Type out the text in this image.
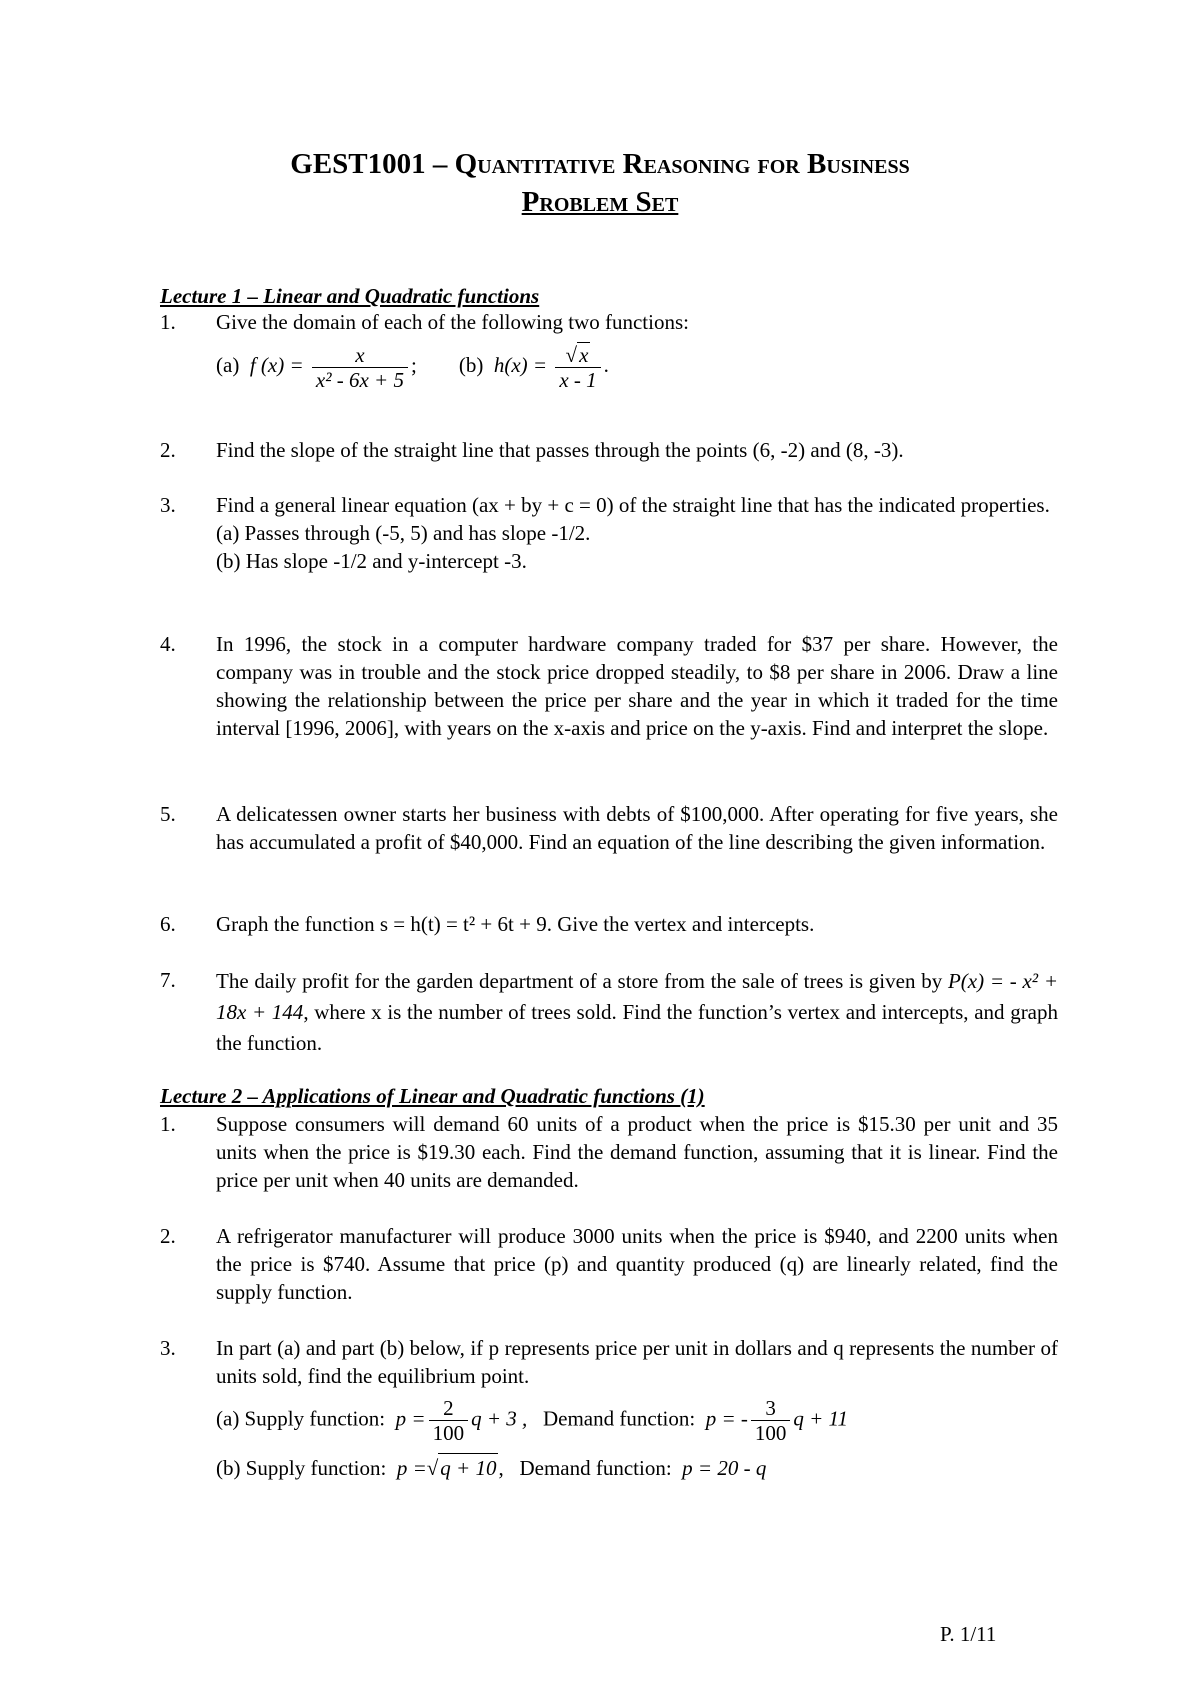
GEST1001 – Quantitative Reasoning for Business
Problem Set
Lecture 1 – Linear and Quadratic functions
1. Give the domain of each of the following two functions:
(a) f $(x) = \frac{x}{\text{x² - 6x + 5}}$ ; (b) $h(x) = \frac{√x}{x - 1}$ .
2. Find the slope of the straight line that passes through the points (6, -2) and (8, -3).
3. Find a general linear equation (ax + by + c = 0) of the straight line that has the indicated properties.
(a) Passes through (-5, 5) and has slope -1/2.
(b) Has slope -1/2 and y-intercept -3.
4. In 1996, the stock in a computer hardware company traded for $37 per share. However, the company was in trouble and the stock price dropped steadily, to $8 per share in 2006. Draw a line showing the relationship between the price per share and the year in which it traded for the time interval [1996, 2006], with years on the x-axis and price on the y-axis. Find and interpret the slope.
5. A delicatessen owner starts her business with debts of $100,000. After operating for five years, she has accumulated a profit of $40,000. Find an equation of the line describing the given information.
6. Graph the function s = h(t) = t² + 6t + 9. Give the vertex and intercepts.
7. The daily profit for the garden department of a store from the sale of trees is given by P(x) = - x² + 18x + 144, where x is the number of trees sold. Find the function’s vertex and intercepts, and graph the function.
Lecture 2 – Applications of Linear and Quadratic functions (1)
1. Suppose consumers will demand 60 units of a product when the price is $15.30 per unit and 35 units when the price is $19.30 each. Find the demand function, assuming that it is linear. Find the price per unit when 40 units are demanded.
2. A refrigerator manufacturer will produce 3000 units when the price is $940, and 2200 units when the price is $740. Assume that price (p) and quantity produced (q) are linearly related, find the supply function.
3. In part (a) and part (b) below, if p represents price per unit in dollars and q represents the number of units sold, find the equilibrium point.
(a) Supply function: $p = \frac{2}{100}$ q + 3 , Demand function: p = - $\frac{3}{100}$ q + 11
(b) Supply function: p =√q + 10, Demand function: p = 20 - q
P. 1/11
